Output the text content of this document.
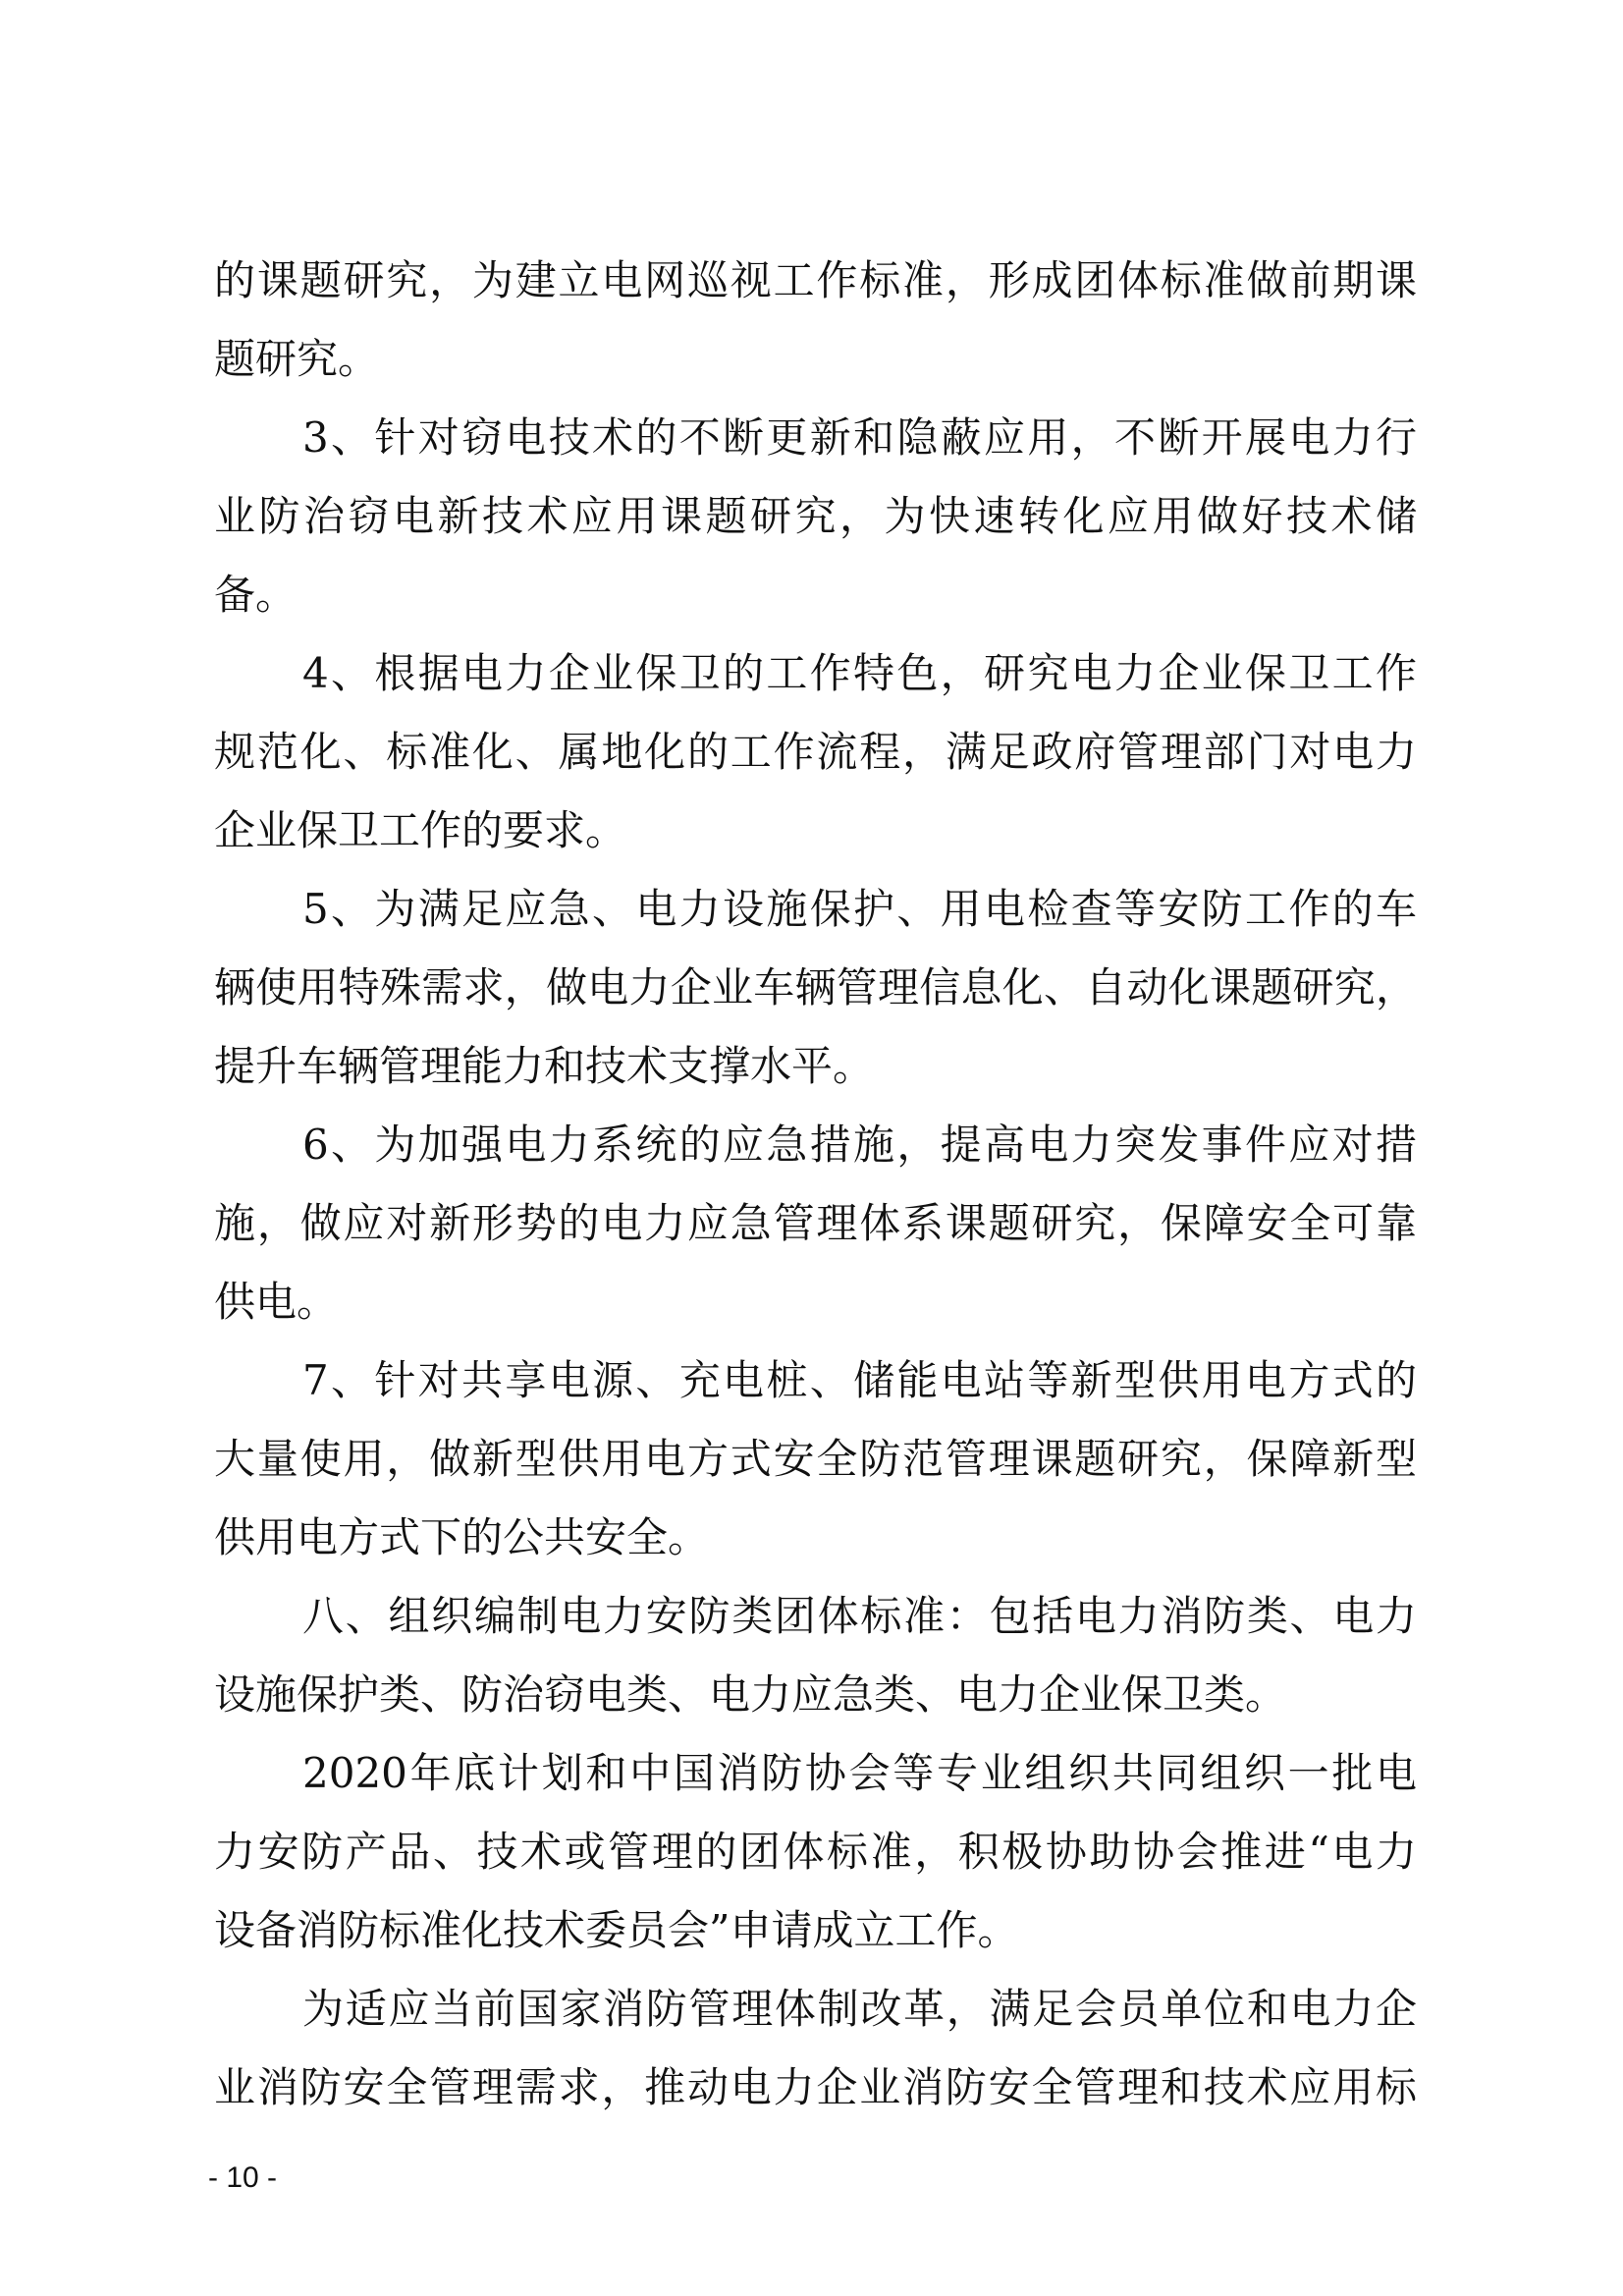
的课题研究，为建立电网巡视工作标准，形成团体标准做前期课
题研究。
3、针对窃电技术的不断更新和隐蔽应用，不断开展电力行
业防治窃电新技术应用课题研究，为快速转化应用做好技术储
备。
4、根据电力企业保卫的工作特色，研究电力企业保卫工作
规范化、标准化、属地化的工作流程，满足政府管理部门对电力
企业保卫工作的要求。
5、为满足应急、电力设施保护、用电检查等安防工作的车
辆使用特殊需求，做电力企业车辆管理信息化、自动化课题研究，
提升车辆管理能力和技术支撑水平。
6、为加强电力系统的应急措施，提高电力突发事件应对措
施，做应对新形势的电力应急管理体系课题研究，保障安全可靠
供电。
7、针对共享电源、充电桩、储能电站等新型供用电方式的
大量使用，做新型供用电方式安全防范管理课题研究，保障新型
供用电方式下的公共安全。
八、组织编制电力安防类团体标准：包括电力消防类、电力
设施保护类、防治窃电类、电力应急类、电力企业保卫类。
2020年底计划和中国消防协会等专业组织共同组织一批电
力安防产品、技术或管理的团体标准，积极协助协会推进“电力
设备消防标准化技术委员会”申请成立工作。
为适应当前国家消防管理体制改革，满足会员单位和电力企
业消防安全管理需求，推动电力企业消防安全管理和技术应用标
- 10 -
